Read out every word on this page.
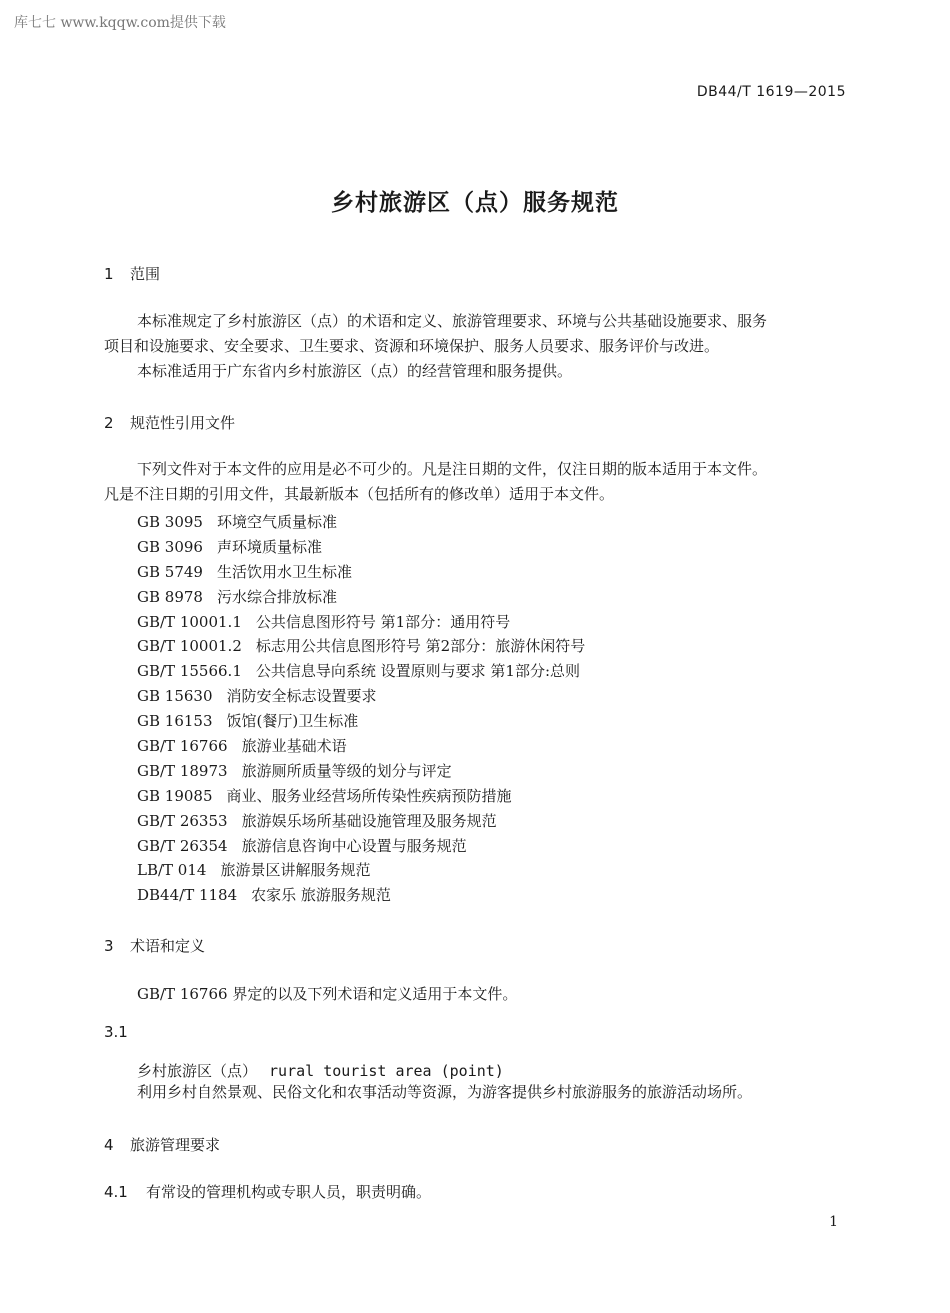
库七七 www.kqqw.com提供下载
DB44/T 1619—2015
乡村旅游区（点）服务规范
1 范围
本标准规定了乡村旅游区（点）的术语和定义、旅游管理要求、环境与公共基础设施要求、服务
项目和设施要求、安全要求、卫生要求、资源和环境保护、服务人员要求、服务评价与改进。
本标准适用于广东省内乡村旅游区（点）的经营管理和服务提供。
2 规范性引用文件
下列文件对于本文件的应用是必不可少的。凡是注日期的文件，仅注日期的版本适用于本文件。
凡是不注日期的引用文件，其最新版本（包括所有的修改单）适用于本文件。
GB 3095 环境空气质量标准
GB 3096 声环境质量标准
GB 5749 生活饮用水卫生标准
GB 8978 污水综合排放标准
GB/T 10001.1 公共信息图形符号 第1部分：通用符号
GB/T 10001.2 标志用公共信息图形符号 第2部分：旅游休闲符号
GB/T 15566.1 公共信息导向系统 设置原则与要求 第1部分:总则
GB 15630 消防安全标志设置要求
GB 16153 饭馆(餐厅)卫生标准
GB/T 16766 旅游业基础术语
GB/T 18973 旅游厕所质量等级的划分与评定
GB 19085 商业、服务业经营场所传染性疾病预防措施
GB/T 26353 旅游娱乐场所基础设施管理及服务规范
GB/T 26354 旅游信息咨询中心设置与服务规范
LB/T 014 旅游景区讲解服务规范
DB44/T 1184 农家乐 旅游服务规范
3 术语和定义
GB/T 16766 界定的以及下列术语和定义适用于本文件。
3.1
乡村旅游区（点） rural tourist area (point)
利用乡村自然景观、民俗文化和农事活动等资源，为游客提供乡村旅游服务的旅游活动场所。
4 旅游管理要求
4.1 有常设的管理机构或专职人员，职责明确。
1
